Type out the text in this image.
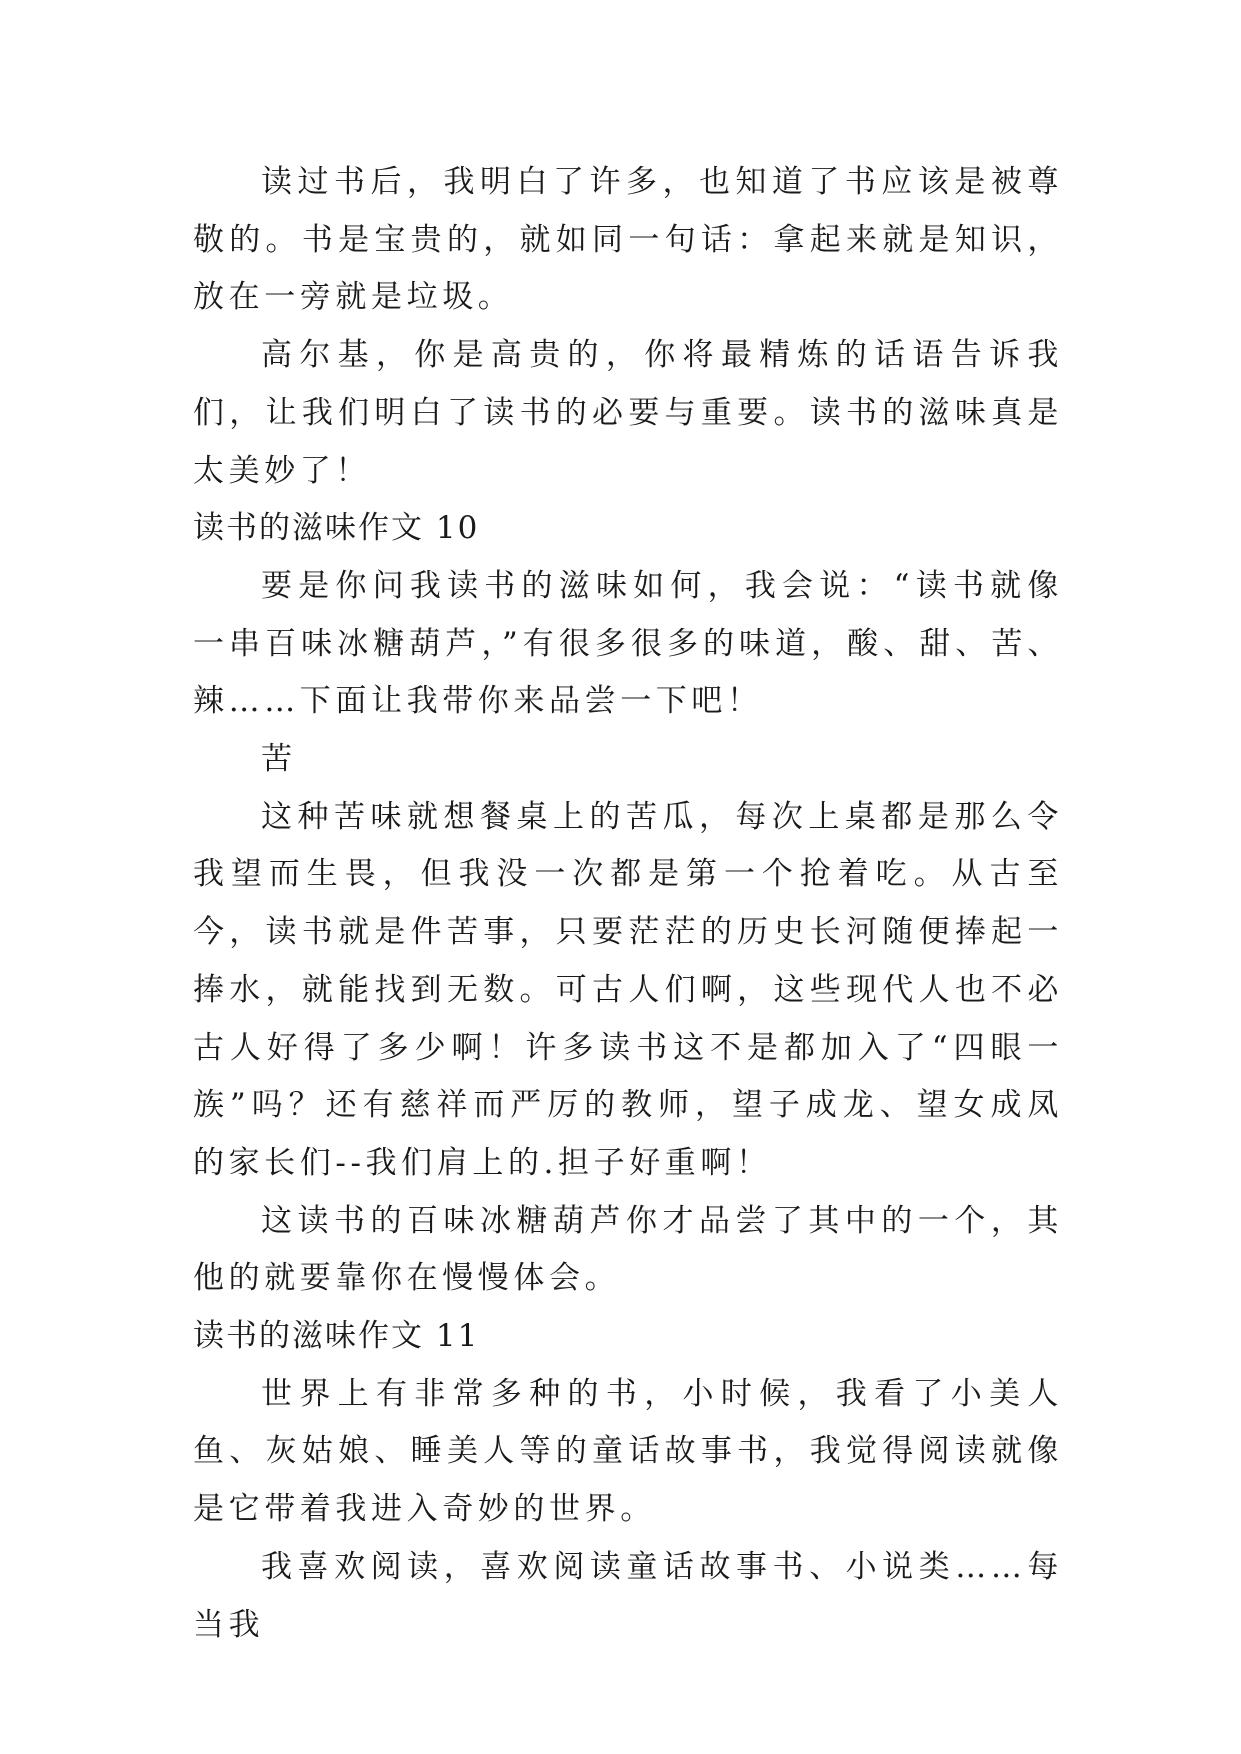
读过书后，我明白了许多，也知道了书应该是被尊敬的。书是宝贵的，就如同一句话：拿起来就是知识，放在一旁就是垃圾。

高尔基，你是高贵的，你将最精炼的话语告诉我们，让我们明白了读书的必要与重要。读书的滋味真是太美妙了！

读书的滋味作文 10

要是你问我读书的滋味如何，我会说：“读书就像一串百味冰糖葫芦，”有很多很多的味道，酸、甜、苦、辣……下面让我带你来品尝一下吧！

苦

这种苦味就想餐桌上的苦瓜，每次上桌都是那么令我望而生畏，但我没一次都是第一个抢着吃。从古至今，读书就是件苦事，只要茫茫的历史长河随便捧起一捧水，就能找到无数。可古人们啊，这些现代人也不必古人好得了多少啊！许多读书这不是都加入了“四眼一族”吗？还有慈祥而严厉的教师，望子成龙、望女成凤的家长们--我们肩上的.担子好重啊！

这读书的百味冰糖葫芦你才品尝了其中的一个，其他的就要靠你在慢慢体会。

读书的滋味作文 11

世界上有非常多种的书，小时候，我看了小美人鱼、灰姑娘、睡美人等的童话故事书，我觉得阅读就像是它带着我进入奇妙的世界。

我喜欢阅读，喜欢阅读童话故事书、小说类……每当我
